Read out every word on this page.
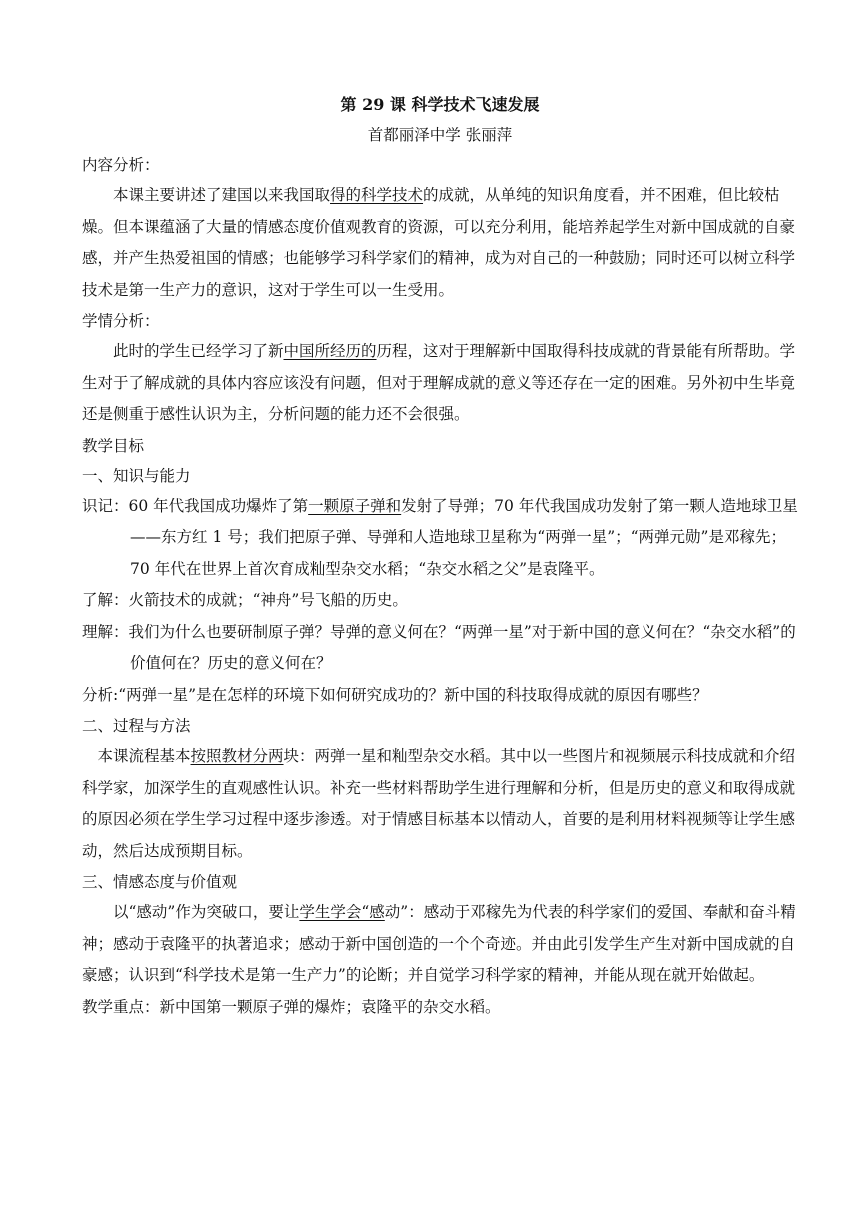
第 29 课 科学技术飞速发展
首都丽泽中学 张丽萍
内容分析：

本课主要讲述了建国以来我国取得的科学技术的成就，从单纯的知识角度看，并不困难，但比较枯燥。但本课蕴涵了大量的情感态度价值观教育的资源，可以充分利用，能培养起学生对新中国成就的自豪感，并产生热爱祖国的情感；也能够学习科学家们的精神，成为对自己的一种鼓励；同时还可以树立科学技术是第一生产力的意识，这对于学生可以一生受用。

学情分析：

此时的学生已经学习了新中国所经历的历程，这对于理解新中国取得科技成就的背景能有所帮助。学生对于了解成就的具体内容应该没有问题，但对于理解成就的意义等还存在一定的困难。另外初中生毕竟还是侧重于感性认识为主，分析问题的能力还不会很强。

教学目标
一、知识与能力

识记：60 年代我国成功爆炸了第一颗原子弹和发射了导弹；70 年代我国成功发射了第一颗人造地球卫星——东方红 1 号；我们把原子弹、导弹和人造地球卫星称为“两弹一星”；“两弹元勋”是邓稼先；70 年代在世界上首次育成籼型杂交水稻；“杂交水稻之父”是袁隆平。

了解：火箭技术的成就；“神舟”号飞船的历史。

理解：我们为什么也要研制原子弹？导弹的意义何在？“两弹一星”对于新中国的意义何在？“杂交水稻”的价值何在？历史的意义何在？

分析:“两弹一星”是在怎样的环境下如何研究成功的？新中国的科技取得成就的原因有哪些？

二、过程与方法

本课流程基本按照教材分两块：两弹一星和籼型杂交水稻。其中以一些图片和视频展示科技成就和介绍科学家，加深学生的直观感性认识。补充一些材料帮助学生进行理解和分析，但是历史的意义和取得成就的原因必须在学生学习过程中逐步渗透。对于情感目标基本以情动人，首要的是利用材料视频等让学生感动，然后达成预期目标。

三、情感态度与价值观

以“感动”作为突破口，要让学生学会“感动”：感动于邓稼先为代表的科学家们的爱国、奉献和奋斗精神；感动于袁隆平的执著追求；感动于新中国创造的一个个奇迹。并由此引发学生产生对新中国成就的自豪感；认识到“科学技术是第一生产力”的论断；并自觉学习科学家的精神，并能从现在就开始做起。

教学重点：新中国第一颗原子弹的爆炸；袁隆平的杂交水稻。
